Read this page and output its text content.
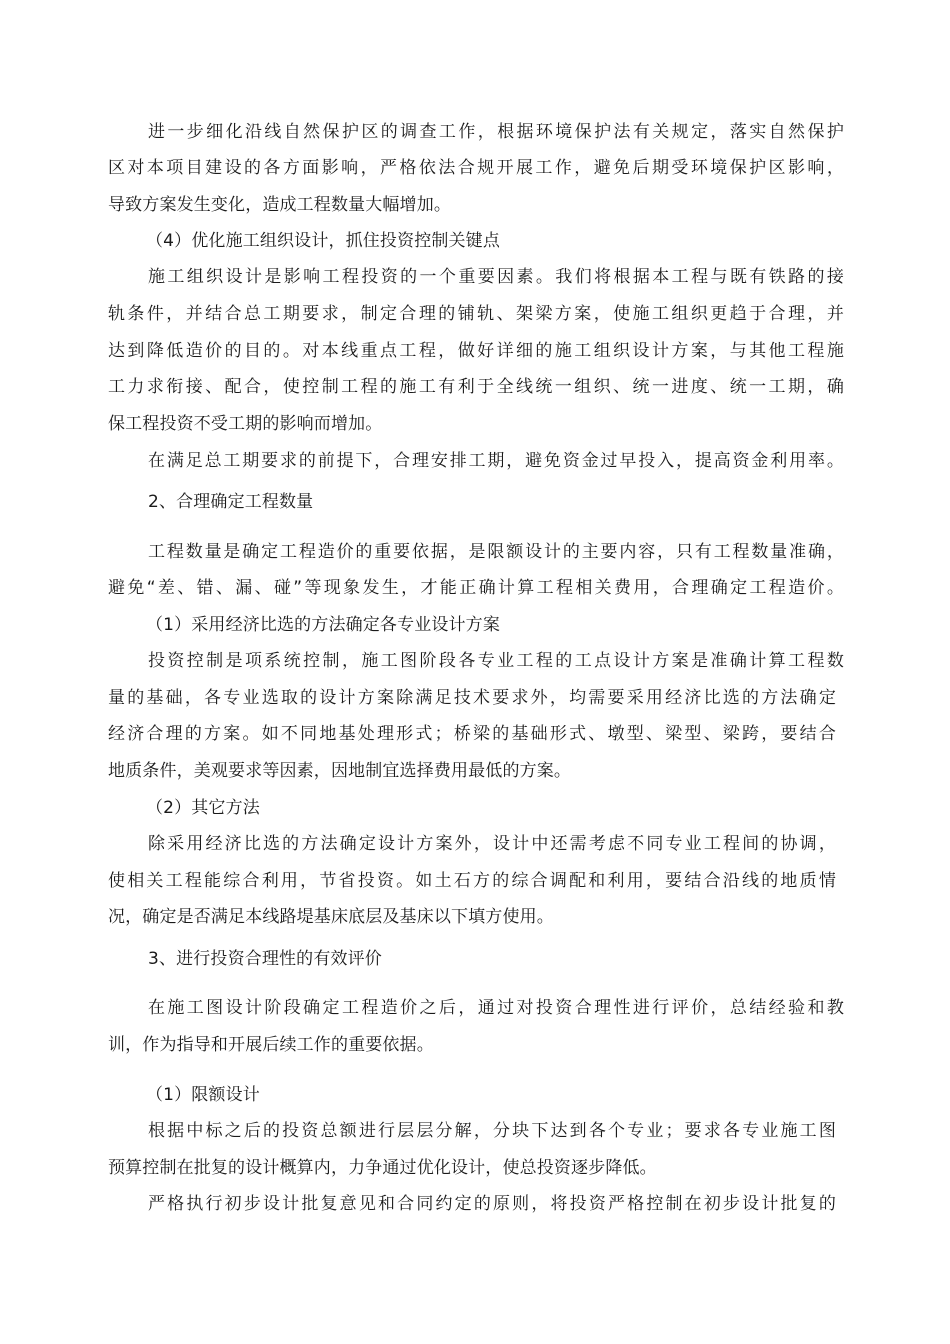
进一步细化沿线自然保护区的调查工作，根据环境保护法有关规定，落实自然保护
区对本项目建设的各方面影响，严格依法合规开展工作，避免后期受环境保护区影响，
导致方案发生变化，造成工程数量大幅增加。
（4）优化施工组织设计，抓住投资控制关键点
施工组织设计是影响工程投资的一个重要因素。我们将根据本工程与既有铁路的接
轨条件，并结合总工期要求，制定合理的铺轨、架梁方案，使施工组织更趋于合理，并
达到降低造价的目的。对本线重点工程，做好详细的施工组织设计方案，与其他工程施
工力求衔接、配合，使控制工程的施工有利于全线统一组织、统一进度、统一工期，确
保工程投资不受工期的影响而增加。
在满足总工期要求的前提下，合理安排工期，避免资金过早投入，提高资金利用率。
2、合理确定工程数量
工程数量是确定工程造价的重要依据，是限额设计的主要内容，只有工程数量准确，
避免“差、错、漏、碰”等现象发生，才能正确计算工程相关费用，合理确定工程造价。
（1）采用经济比选的方法确定各专业设计方案
投资控制是项系统控制，施工图阶段各专业工程的工点设计方案是准确计算工程数
量的基础，各专业选取的设计方案除满足技术要求外，均需要采用经济比选的方法确定
经济合理的方案。如不同地基处理形式；桥梁的基础形式、墩型、梁型、梁跨，要结合
地质条件，美观要求等因素，因地制宜选择费用最低的方案。
（2）其它方法
除采用经济比选的方法确定设计方案外，设计中还需考虑不同专业工程间的协调，
使相关工程能综合利用，节省投资。如土石方的综合调配和利用，要结合沿线的地质情
况，确定是否满足本线路堤基床底层及基床以下填方使用。
3、进行投资合理性的有效评价
在施工图设计阶段确定工程造价之后，通过对投资合理性进行评价，总结经验和教
训，作为指导和开展后续工作的重要依据。
（1）限额设计
根据中标之后的投资总额进行层层分解，分块下达到各个专业；要求各专业施工图
预算控制在批复的设计概算内，力争通过优化设计，使总投资逐步降低。
严格执行初步设计批复意见和合同约定的原则，将投资严格控制在初步设计批复的
